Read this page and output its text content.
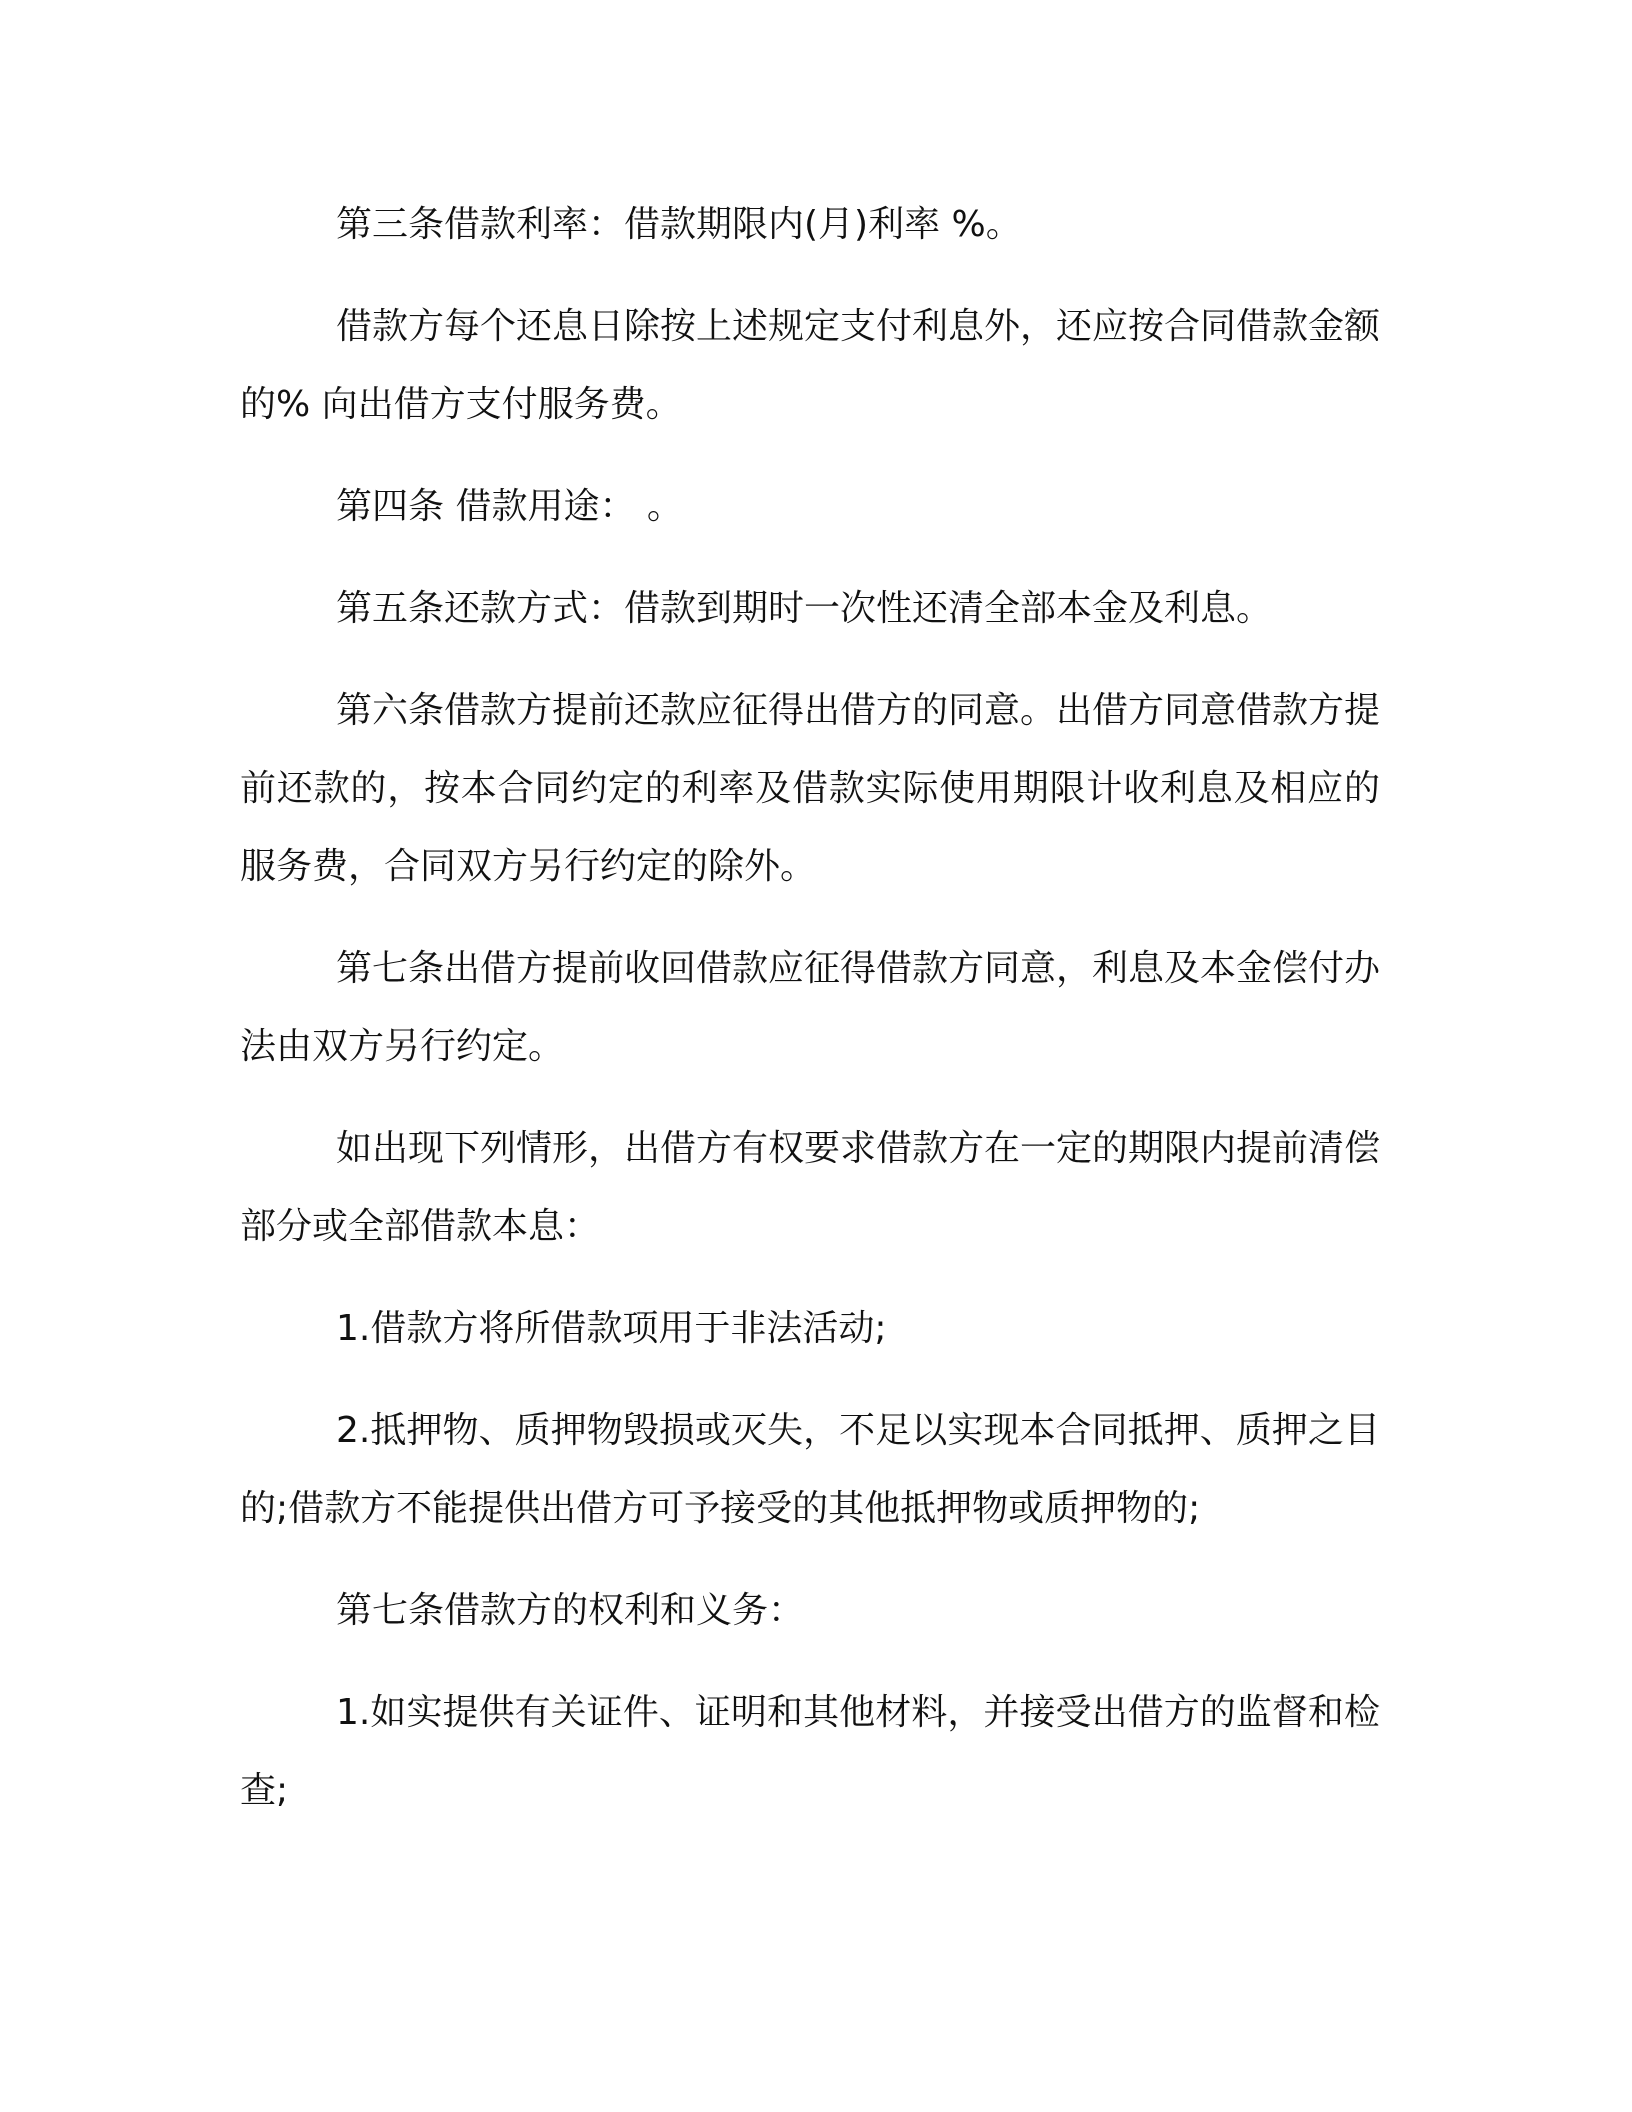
第三条借款利率：借款期限内(月)利率 %。

借款方每个还息日除按上述规定支付利息外，还应按合同借款金额的% 向出借方支付服务费。

第四条 借款用途： 。

第五条还款方式：借款到期时一次性还清全部本金及利息。

第六条借款方提前还款应征得出借方的同意。出借方同意借款方提前还款的，按本合同约定的利率及借款实际使用期限计收利息及相应的服务费，合同双方另行约定的除外。

第七条出借方提前收回借款应征得借款方同意，利息及本金偿付办法由双方另行约定。

如出现下列情形，出借方有权要求借款方在一定的期限内提前清偿部分或全部借款本息：

1.借款方将所借款项用于非法活动;

2.抵押物、质押物毁损或灭失，不足以实现本合同抵押、质押之目的;借款方不能提供出借方可予接受的其他抵押物或质押物的;

第七条借款方的权利和义务：

1.如实提供有关证件、证明和其他材料，并接受出借方的监督和检查;
